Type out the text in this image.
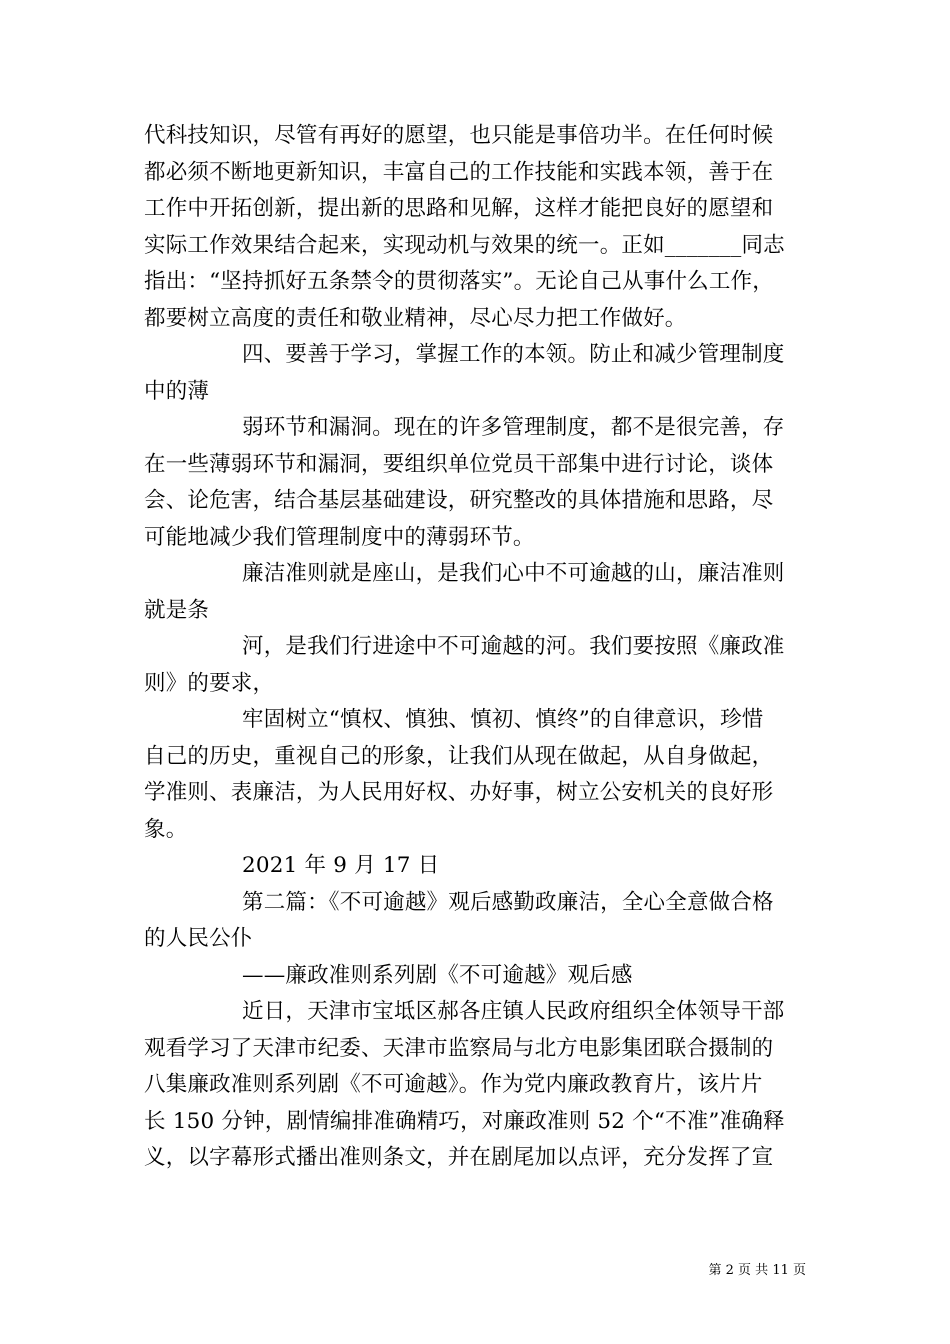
代科技知识，尽管有再好的愿望，也只能是事倍功半。在任何时候
都必须不断地更新知识，丰富自己的工作技能和实践本领，善于在
工作中开拓创新，提出新的思路和见解，这样才能把良好的愿望和
实际工作效果结合起来，实现动机与效果的统一。正如_______同志
指出：“坚持抓好五条禁令的贯彻落实”。无论自己从事什么工作，
都要树立高度的责任和敬业精神，尽心尽力把工作做好。
四、要善于学习，掌握工作的本领。防止和减少管理制度
中的薄
弱环节和漏洞。现在的许多管理制度，都不是很完善，存
在一些薄弱环节和漏洞，要组织单位党员干部集中进行讨论，谈体
会、论危害，结合基层基础建设，研究整改的具体措施和思路，尽
可能地减少我们管理制度中的薄弱环节。
廉洁准则就是座山，是我们心中不可逾越的山，廉洁准则
就是条
河，是我们行进途中不可逾越的河。我们要按照《廉政准
则》的要求，
牢固树立“慎权、慎独、慎初、慎终”的自律意识，珍惜
自己的历史，重视自己的形象，让我们从现在做起，从自身做起，
学准则、表廉洁，为人民用好权、办好事，树立公安机关的良好形
象。
2021 年 9 月 17 日
第二篇：《不可逾越》观后感勤政廉洁，全心全意做合格
的人民公仆
——廉政准则系列剧《不可逾越》观后感
近日，天津市宝坻区郝各庄镇人民政府组织全体领导干部
观看学习了天津市纪委、天津市监察局与北方电影集团联合摄制的
八集廉政准则系列剧《不可逾越》。作为党内廉政教育片，该片片
长 150 分钟，剧情编排准确精巧，对廉政准则 52 个“不准”准确释
义，以字幕形式播出准则条文，并在剧尾加以点评，充分发挥了宣
第 2 页 共 11 页
